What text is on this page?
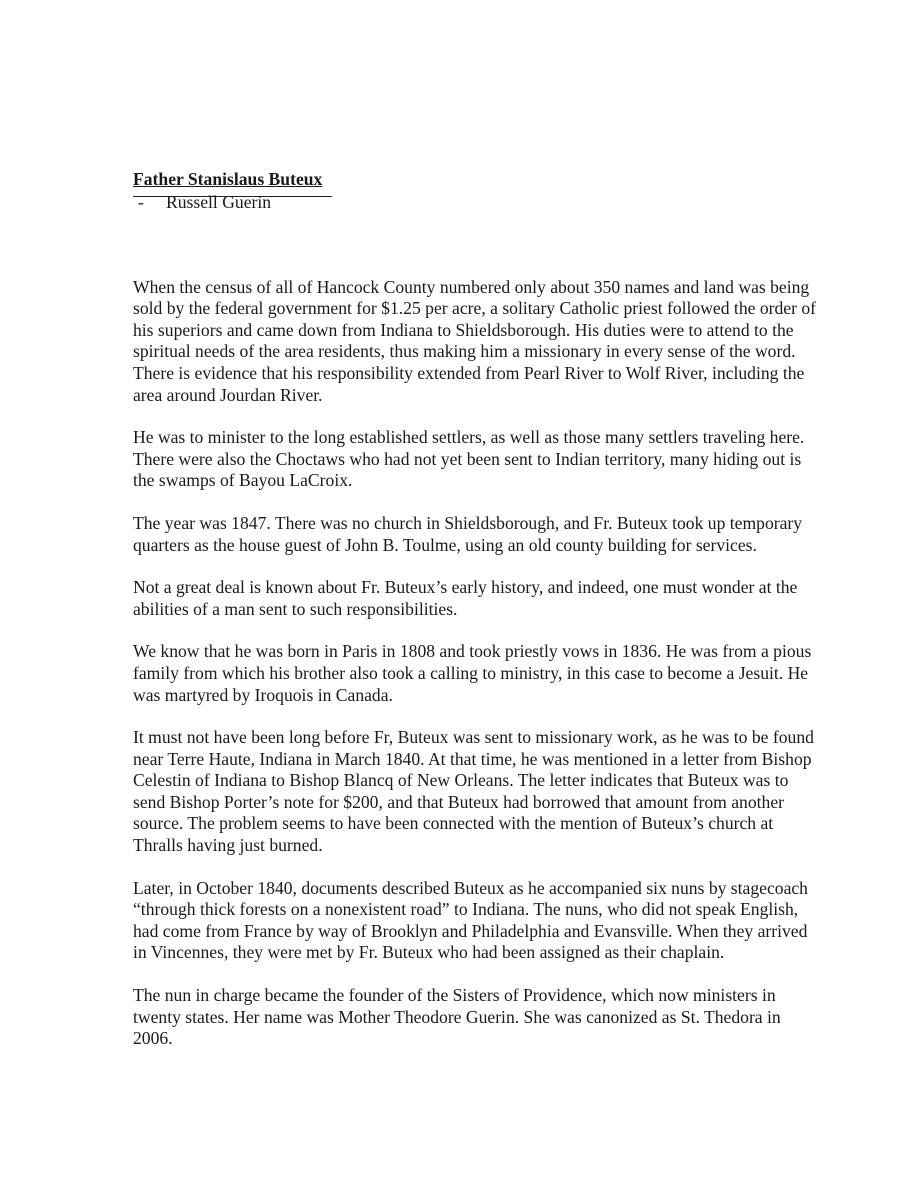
Father Stanislaus Buteux

- Russell Guerin

When the census of all of Hancock County numbered only about 350 names and land was being sold by the federal government for $1.25 per acre, a solitary Catholic priest followed the order of his superiors and came down from Indiana to Shieldsborough. His duties were to attend to the spiritual needs of the area residents, thus making him a missionary in every sense of the word. There is evidence that his responsibility extended from Pearl River to Wolf River, including the area around Jourdan River.

He was to minister to the long established settlers, as well as those many settlers traveling here. There were also the Choctaws who had not yet been sent to Indian territory, many hiding out is the swamps of Bayou LaCroix.

The year was 1847. There was no church in Shieldsborough, and Fr. Buteux took up temporary quarters as the house guest of John B. Toulme, using an old county building for services.

Not a great deal is known about Fr. Buteux’s early history, and indeed, one must wonder at the abilities of a man sent to such responsibilities.

We know that he was born in Paris in 1808 and took priestly vows in 1836. He was from a pious family from which his brother also took a calling to ministry, in this case to become a Jesuit. He was martyred by Iroquois in Canada.

It must not have been long before Fr, Buteux was sent to missionary work, as he was to be found near Terre Haute, Indiana in March 1840. At that time, he was mentioned in a letter from Bishop Celestin of Indiana to Bishop Blancq of New Orleans. The letter indicates that Buteux was to send Bishop Porter’s note for $200, and that Buteux had borrowed that amount from another source. The problem seems to have been connected with the mention of Buteux’s church at Thralls having just burned.

Later, in October 1840, documents described Buteux as he accompanied six nuns by stagecoach “through thick forests on a nonexistent road” to Indiana. The nuns, who did not speak English, had come from France by way of Brooklyn and Philadelphia and Evansville. When they arrived in Vincennes, they were met by Fr. Buteux who had been assigned as their chaplain.

The nun in charge became the founder of the Sisters of Providence, which now ministers in twenty states. Her name was Mother Theodore Guerin. She was canonized as St. Thedora in 2006.
